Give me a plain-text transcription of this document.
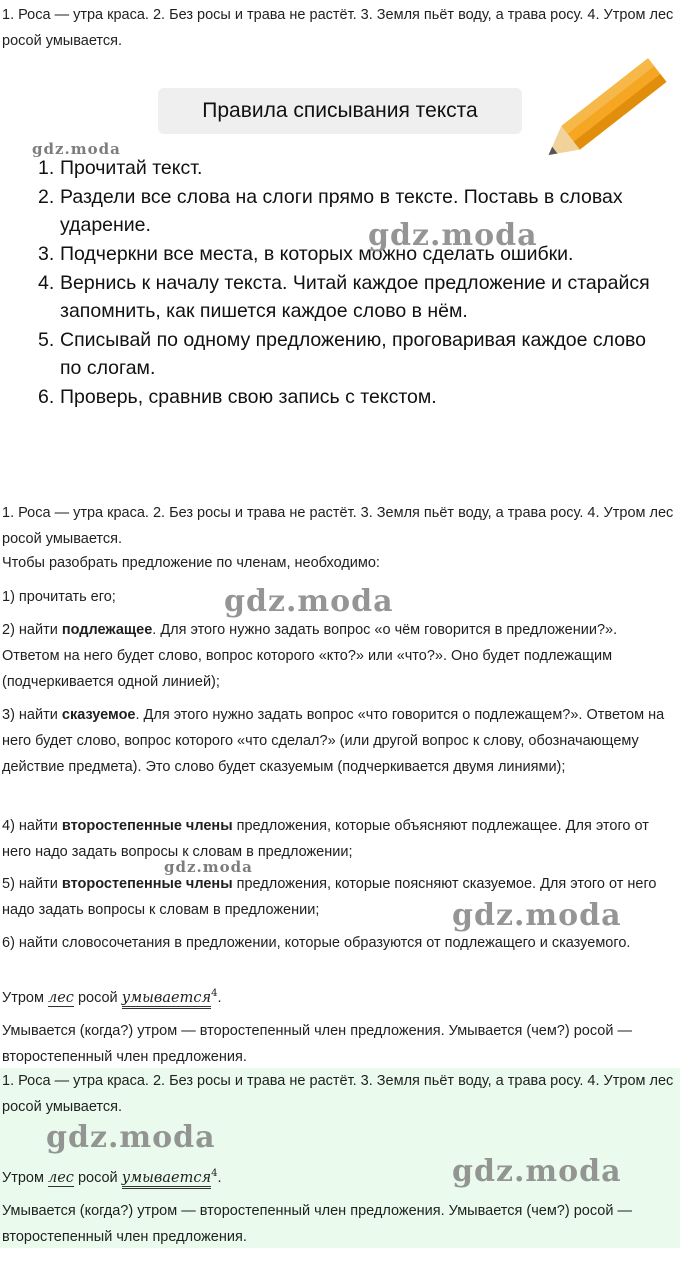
1. Роса — утра краса. 2. Без росы и трава не растёт. 3. Земля пьёт воду, а трава росу. 4. Утром лес росой умывается.

Правила списывания текста
1. Прочитай текст.
2. Раздели все слова на слоги прямо в тексте. Поставь в словах ударение.
3. Подчеркни все места, в которых можно сделать ошибки.
4. Вернись к началу текста. Читай каждое предложение и старайся запомнить, как пишется каждое слово в нём.
5. Списывай по одному предложению, проговаривая каждое слово по слогам.
6. Проверь, сравнив свою запись с текстом.
gdz.moda
gdz.moda

1. Роса — утра краса. 2. Без росы и трава не растёт. 3. Земля пьёт воду, а трава росу. 4. Утром лес росой умывается.

Чтобы разобрать предложение по членам, необходимо:

1) прочитать его;	gdz.moda

2) найти подлежащее. Для этого нужно задать вопрос «о чём говорится в предложении?». Ответом на него будет слово, вопрос которого «кто?» или «что?». Оно будет подлежащим (подчеркивается одной линией);

3) найти сказуемое. Для этого нужно задать вопрос «что говорится о подлежащем?». Ответом на него будет слово, вопрос которого «что сделал?» (или другой вопрос к слову, обозначающему действие предмета). Это слово будет сказуемым (подчеркивается двумя линиями);

4) найти второстепенные члены предложения, которые объясняют подлежащее. Для этого от него надо задать вопросы к словам в предложении;

gdz.moda

5) найти второстепенные члены предложения, которые поясняют сказуемое. Для этого от него надо задать вопросы к словам в предложении;	gdz.moda

6) найти словосочетания в предложении, которые образуются от подлежащего и сказуемого.

Утром лес росой умывается$^4$.

Умывается (когда?) утром — второстепенный член предложения. Умывается (чем?) росой — второстепенный член предложения.

1. Роса — утра краса. 2. Без росы и трава не растёт. 3. Земля пьёт воду, а трава росу. 4. Утром лес росой умывается.

gdz.moda
Утром лес росой умывается$^4$.	gdz.moda

Умывается (когда?) утром — второстепенный член предложения. Умывается (чем?) росой — второстепенный член предложения.
